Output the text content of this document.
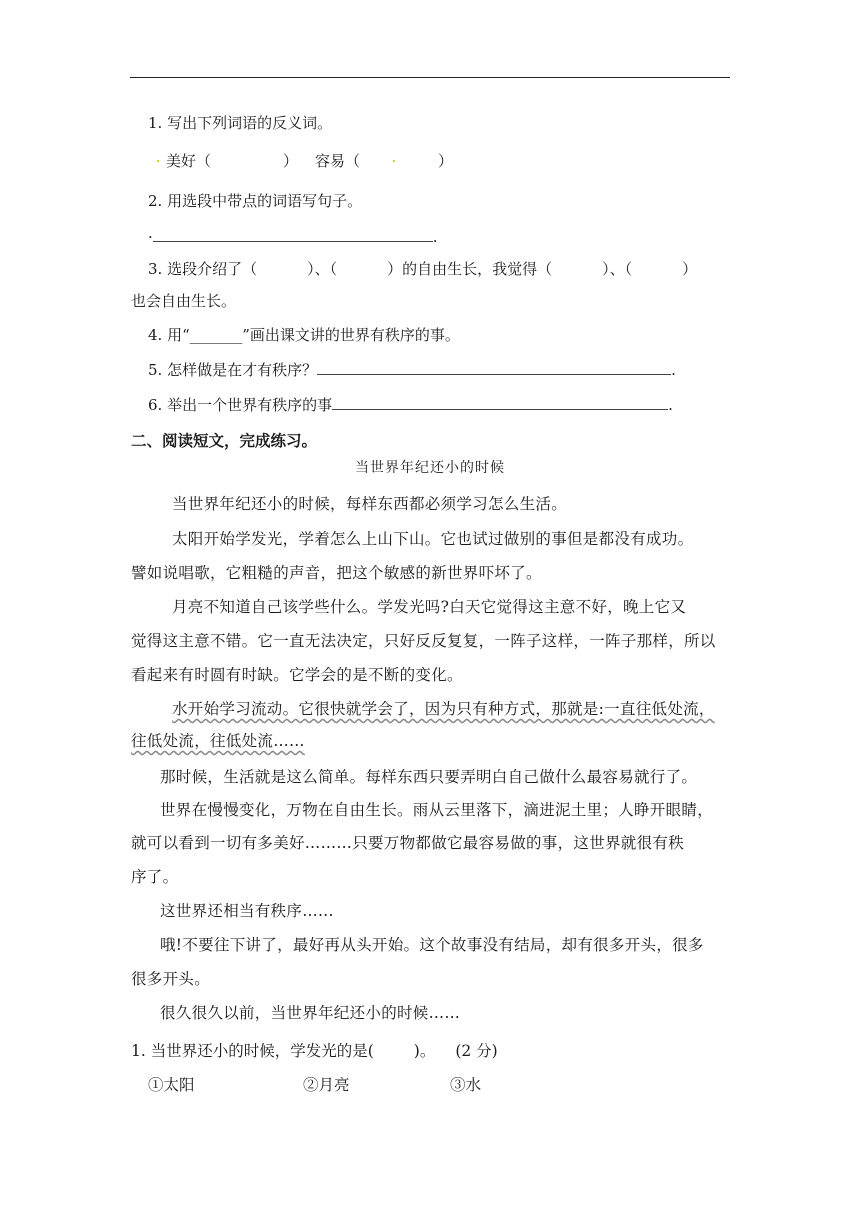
1. 写出下列词语的反义词。
美好（	） 容易（	）
2. 用选段中带点的词语写句子。
·	.
3. 选段介绍了（	）、（	）的自由生长，我觉得（	）、（	）
也会自由生长。
4. 用“_______”画出课文讲的世界有秩序的事。
5. 怎样做是在才有秩序？	.
6. 举出一个世界有秩序的事	.
二、阅读短文，完成练习。
当世界年纪还小的时候
当世界年纪还小的时候，每样东西都必须学习怎么生活。
太阳开始学发光，学着怎么上山下山。它也试过做别的事但是都没有成功。
譬如说唱歌，它粗糙的声音，把这个敏感的新世界吓坏了。
月亮不知道自己该学些什么。学发光吗?白天它觉得这主意不好，晚上它又
觉得这主意不错。它一直无法决定，只好反反复复，一阵子这样，一阵子那样，所以
看起来有时圆有时缺。它学会的是不断的变化。
水开始学习流动。它很快就学会了，因为只有种方式，那就是:一直往低处流，
往低处流，往低处流……
那时候，生活就是这么简单。每样东西只要弄明白自己做什么最容易就行了。
世界在慢慢变化，万物在自由生长。雨从云里落下，滴进泥土里；人睁开眼睛，
就可以看到一切有多美好………只要万物都做它最容易做的事，这世界就很有秩
序了。
这世界还相当有秩序…...
哦!不要往下讲了，最好再从头开始。这个故事没有结局，却有很多开头，很多
很多开头。
很久很久以前，当世界年纪还小的时候……
1. 当世界还小的时候，学发光的是(	)。 (2 分)
①太阳	②月亮	③水
